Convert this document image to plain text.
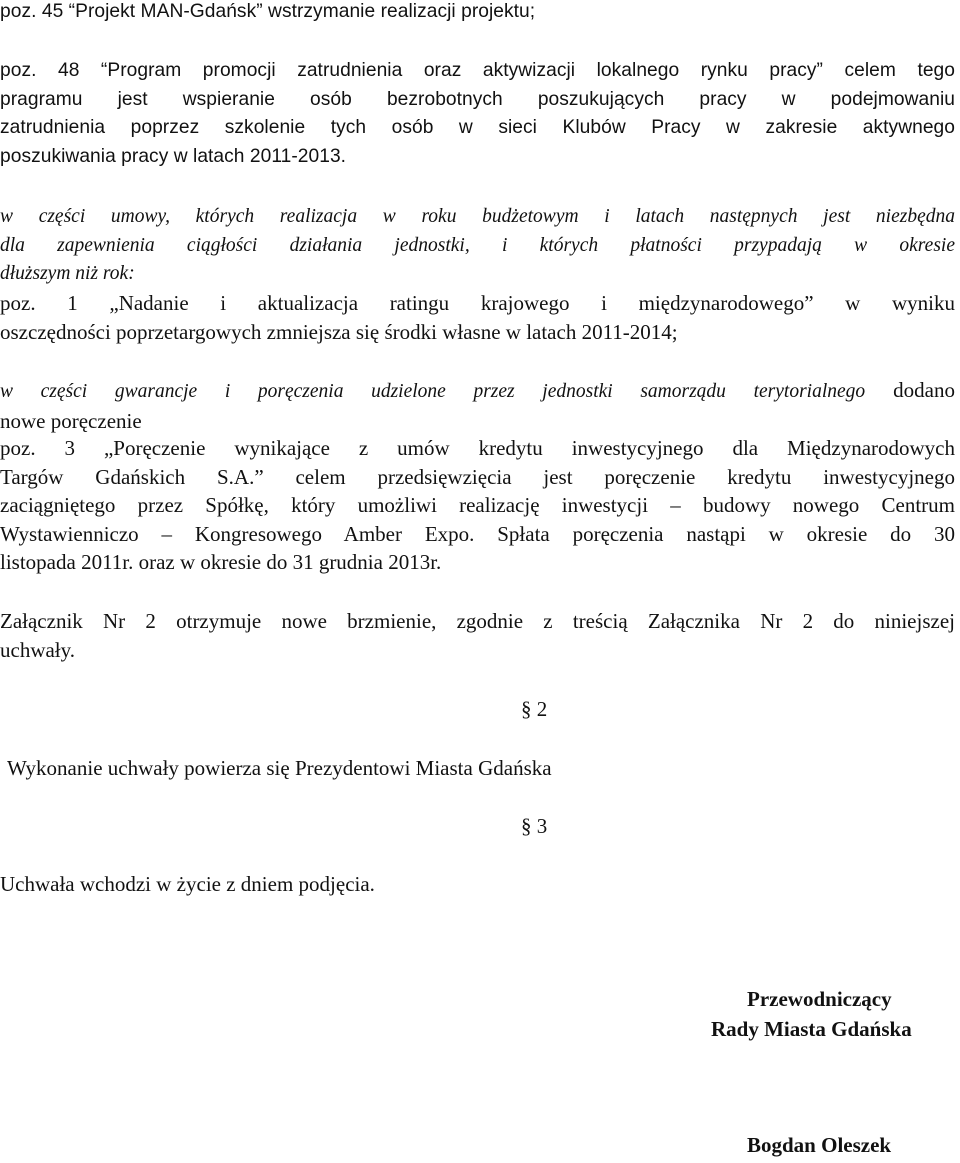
poz. 45 “Projekt MAN-Gdańsk” wstrzymanie realizacji projektu;

poz. 48 “Program promocji zatrudnienia oraz aktywizacji lokalnego rynku pracy” celem tego
pragramu jest wspieranie osób bezrobotnych poszukujących pracy w podejmowaniu
zatrudnienia poprzez szkolenie tych osób w sieci Klubów Pracy w zakresie aktywnego
poszukiwania pracy w latach 2011-2013.

w części umowy, których realizacja w roku budżetowym i latach następnych jest niezbędna
dla zapewnienia ciągłości działania jednostki, i których płatności przypadają w okresie
dłuższym niż rok:

poz. 1 „Nadanie i aktualizacja ratingu krajowego i międzynarodowego” w wyniku
oszczędności poprzetargowych zmniejsza się środki własne w latach 2011-2014;

w części gwarancje i poręczenia udzielone przez jednostki samorządu terytorialnego dodano
nowe poręczenie

poz. 3 „Poręczenie wynikające z umów kredytu inwestycyjnego dla Międzynarodowych
Targów Gdańskich S.A.” celem przedsięwzięcia jest poręczenie kredytu inwestycyjnego
zaciągniętego przez Spółkę, który umożliwi realizację inwestycji – budowy nowego Centrum
Wystawienniczo – Kongresowego Amber Expo. Spłata poręczenia nastąpi w okresie do 30
listopada 2011r. oraz w okresie do 31 grudnia 2013r.

Załącznik Nr 2 otrzymuje nowe brzmienie, zgodnie z treścią Załącznika Nr 2 do niniejszej
uchwały.

§ 2

Wykonanie uchwały powierza się Prezydentowi Miasta Gdańska

§ 3

Uchwała wchodzi w życie z dniem podjęcia.

Przewodniczący
Rady Miasta Gdańska
Bogdan Oleszek
